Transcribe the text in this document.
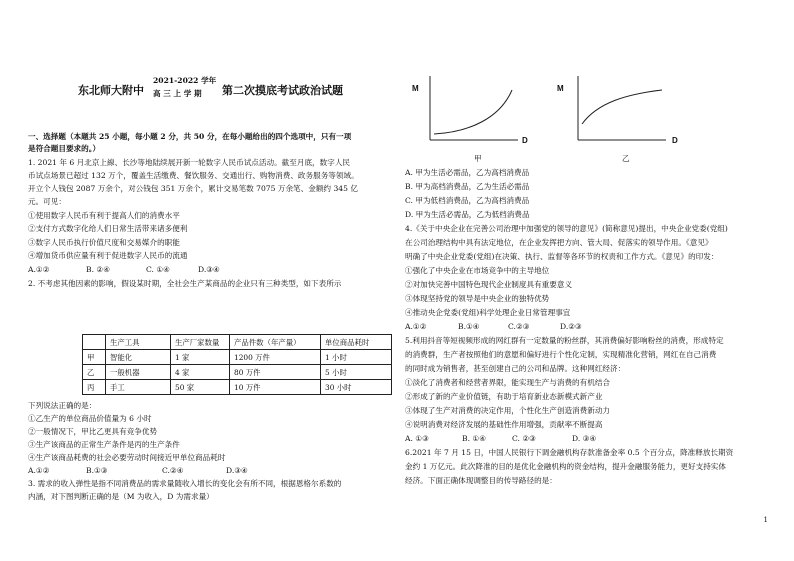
东北师大附中
2021-2022 学年
高 三 上 学 期 第二次摸底考试政治试题
一、选择题（本题共 25 小题，每小题 2 分，共 50 分，在每小题给出的四个选项中，只有一项
是符合题目要求的。）
1. 2021 年 6 月北京上線、长沙等地陆续展开新一轮数字人民币试点活动。截至月底，数字人民
币试点场景已超过 132 万个，覆盖生活缴费、餐饮服务、交通出行、购物消费、政务服务等领域。
开立个人钱包 2087 万余个，对公钱包 351 万余个，累计交易笔数 7075 万余笔、金额约 345 亿
元。可见：
①使用数字人民币有利于提高人们的消费水平
②支付方式数字化给人们日常生活带来诸多便利
③数字人民币执行价值尺度和交易媒介的职能
④增加货币供应量有利于促进数字人民币的流通
A.①②	B. ②④	C. ①④	D.③④
2. 不考虑其他因素的影响，假设某时期，全社会生产某商品的企业只有三种类型，如下表所示
	生产工具	生产厂家数量	产品件数（年产量）	单位商品耗时
甲	智能化	1 家	1200 万件	1 小时
乙	一般机器	4 家	80 万件	5 小时
丙	手工	50 家	10 万件	30 小时
下列说法正确的是：
①乙生产的单位商品价值量为 6 小时
②一般情况下，甲比乙更具有竞争优势
③生产该商品的正常生产条件是丙的生产条件
④生产该商品耗费的社会必要劳动时间接近甲单位商品耗时
A.①②	B.①③	C.②④	D.③④
3. 需求的收入弹性是指不同消费品的需求量随收入增长的变化会有所不同，根据恩格尔系数的
内涵，对下图判断正确的是（M 为收入，D 为需求量）
M
D
甲
M
D
乙
A. 甲为生活必需品，乙为高档消费品
B. 甲为高档消费品，乙为生活必需品
C. 甲为低档消费品，乙为高档消费品
D. 甲为生活必需品，乙为低档消费品
4.《关于中央企业在完善公司治理中加强党的领导的意见》(简称意见)提出，中央企业党委(党组)
在公司治理结构中具有法定地位，在企业发挥把方向、管大局、促落实的领导作用。《意见》
明确了中央企业党委(党组)在决策、执行、监督等各环节的权责和工作方式。《意见》的印发：
①强化了中央企业在市场竞争中的主导地位
②对加快完善中国特色现代企业制度具有重要意义
③体现坚持党的领导是中央企业的独特优势
④推动央企党委(党组)科学处理企业日常管理事宜
A.①②	B.①④	C.②③	D.②③
5.利用抖音等短视频形成的网红群有一定数量的粉丝群，其消费偏好影响粉丝的消费，形成特定
的消费群，生产者按照他们的意愿和偏好进行个性化定制，实现精准化营销，网红在自己消费
的同时成为销售者，甚至创建自己的公司和品牌。这种网红经济：
①淡化了消费者和经营者界限，能实现生产与消费的有机结合
②形成了新的产业价值链，有助于培育新业态新模式新产业
③体现了生产对消费的决定作用，个性化生产创造消费新动力
④说明消费对经济发展的基础性作用增强，贡献率不断提高
A. ①③	B. ①④	C. ②③	D. ③④
6.2021 年 7 月 15 日，中国人民银行下调金融机构存款准备金率 0.5 个百分点，降准释放长期资
金约 1 万亿元。此次降准的目的是优化金融机构的资金结构，提升金融服务能力，更好支持实体
经济。下面正确体现调整目的传导路径的是：
1
